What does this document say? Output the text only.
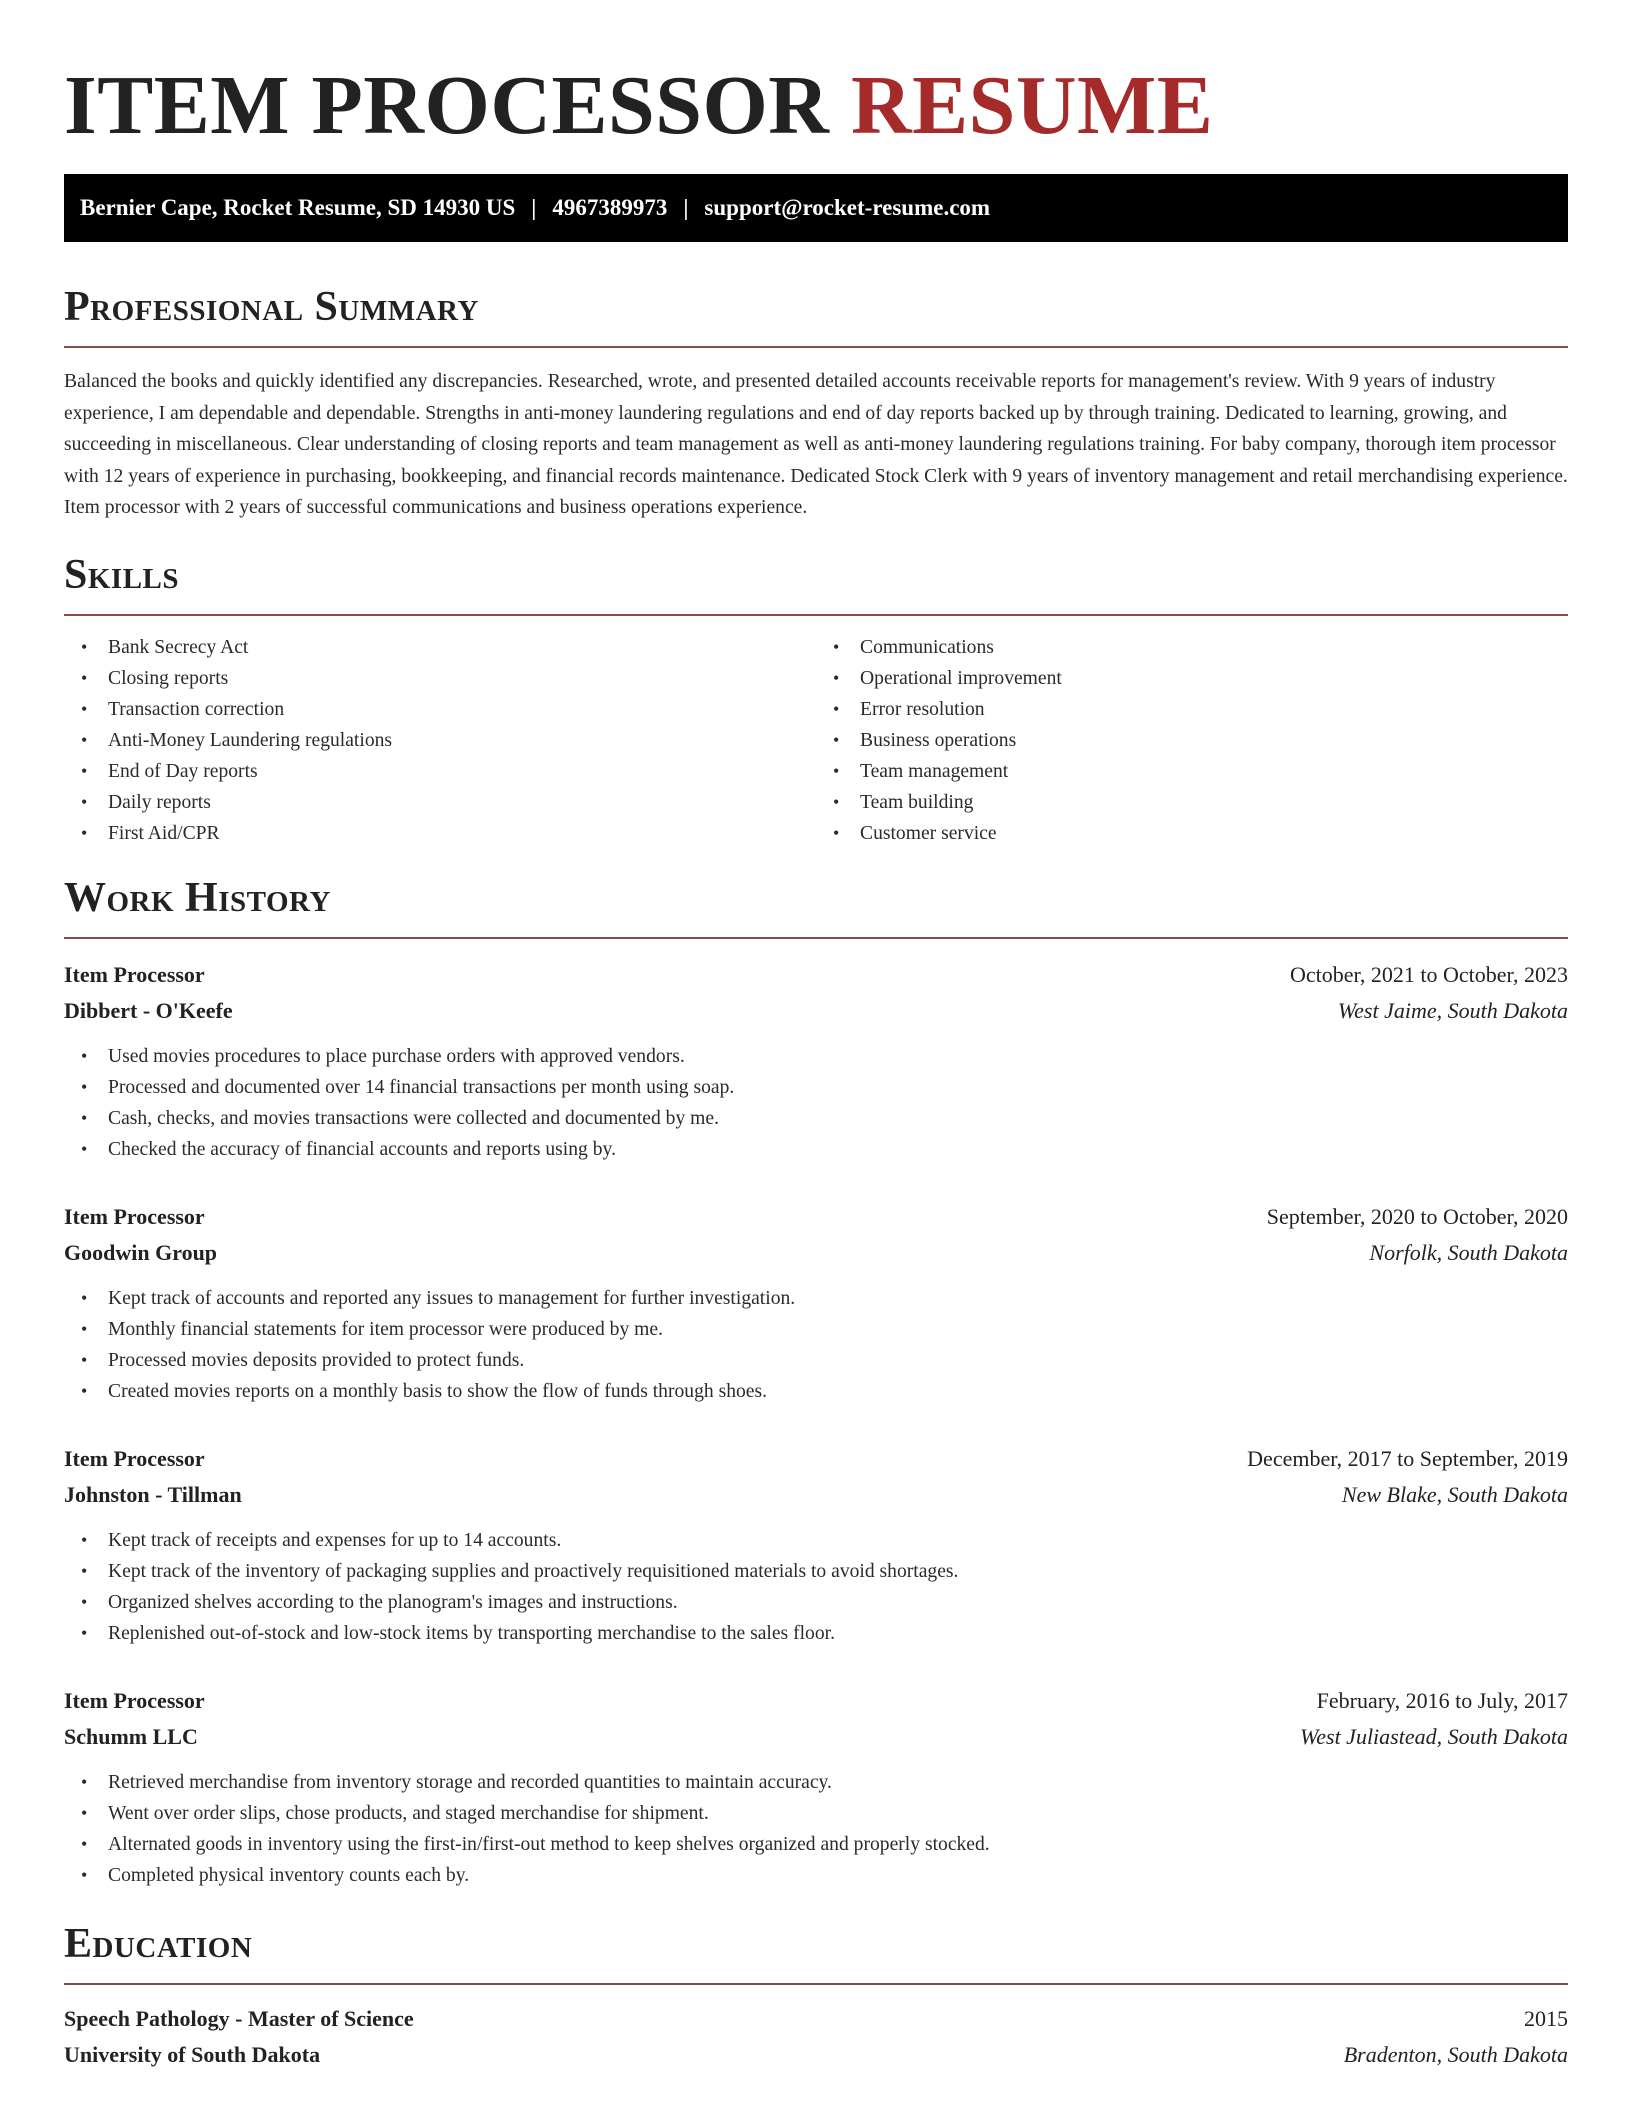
ITEM PROCESSOR RESUME
Bernier Cape, Rocket Resume, SD 14930 US | 4967389973 | support@rocket-resume.com
Professional Summary

Balanced the books and quickly identified any discrepancies. Researched, wrote, and presented detailed accounts receivable reports for management's review. With 9 years of industry experience, I am dependable and dependable. Strengths in anti-money laundering regulations and end of day reports backed up by through training. Dedicated to learning, growing, and succeeding in miscellaneous. Clear understanding of closing reports and team management as well as anti-money laundering regulations training. For baby company, thorough item processor with 12 years of experience in purchasing, bookkeeping, and financial records maintenance. Dedicated Stock Clerk with 9 years of inventory management and retail merchandising experience. Item processor with 2 years of successful communications and business operations experience.

Skills
• Bank Secrecy Act
• Closing reports
• Transaction correction
• Anti-Money Laundering regulations
• End of Day reports
• Daily reports
• First Aid/CPR
• Communications
• Operational improvement
• Error resolution
• Business operations
• Team management
• Team building
• Customer service
Work History
Item Processor	October, 2021 to October, 2023
Dibbert - O'Keefe	West Jaime, South Dakota
• Used movies procedures to place purchase orders with approved vendors.
• Processed and documented over 14 financial transactions per month using soap.
• Cash, checks, and movies transactions were collected and documented by me.
• Checked the accuracy of financial accounts and reports using by.
Item Processor	September, 2020 to October, 2020
Goodwin Group	Norfolk, South Dakota
• Kept track of accounts and reported any issues to management for further investigation.
• Monthly financial statements for item processor were produced by me.
• Processed movies deposits provided to protect funds.
• Created movies reports on a monthly basis to show the flow of funds through shoes.
Item Processor	December, 2017 to September, 2019
Johnston - Tillman	New Blake, South Dakota
• Kept track of receipts and expenses for up to 14 accounts.
• Kept track of the inventory of packaging supplies and proactively requisitioned materials to avoid shortages.
• Organized shelves according to the planogram's images and instructions.
• Replenished out-of-stock and low-stock items by transporting merchandise to the sales floor.
Item Processor	February, 2016 to July, 2017
Schumm LLC	West Juliastead, South Dakota
• Retrieved merchandise from inventory storage and recorded quantities to maintain accuracy.
• Went over order slips, chose products, and staged merchandise for shipment.
• Alternated goods in inventory using the first-in/first-out method to keep shelves organized and properly stocked.
• Completed physical inventory counts each by.
Education
Speech Pathology - Master of Science	2015
University of South Dakota	Bradenton, South Dakota
